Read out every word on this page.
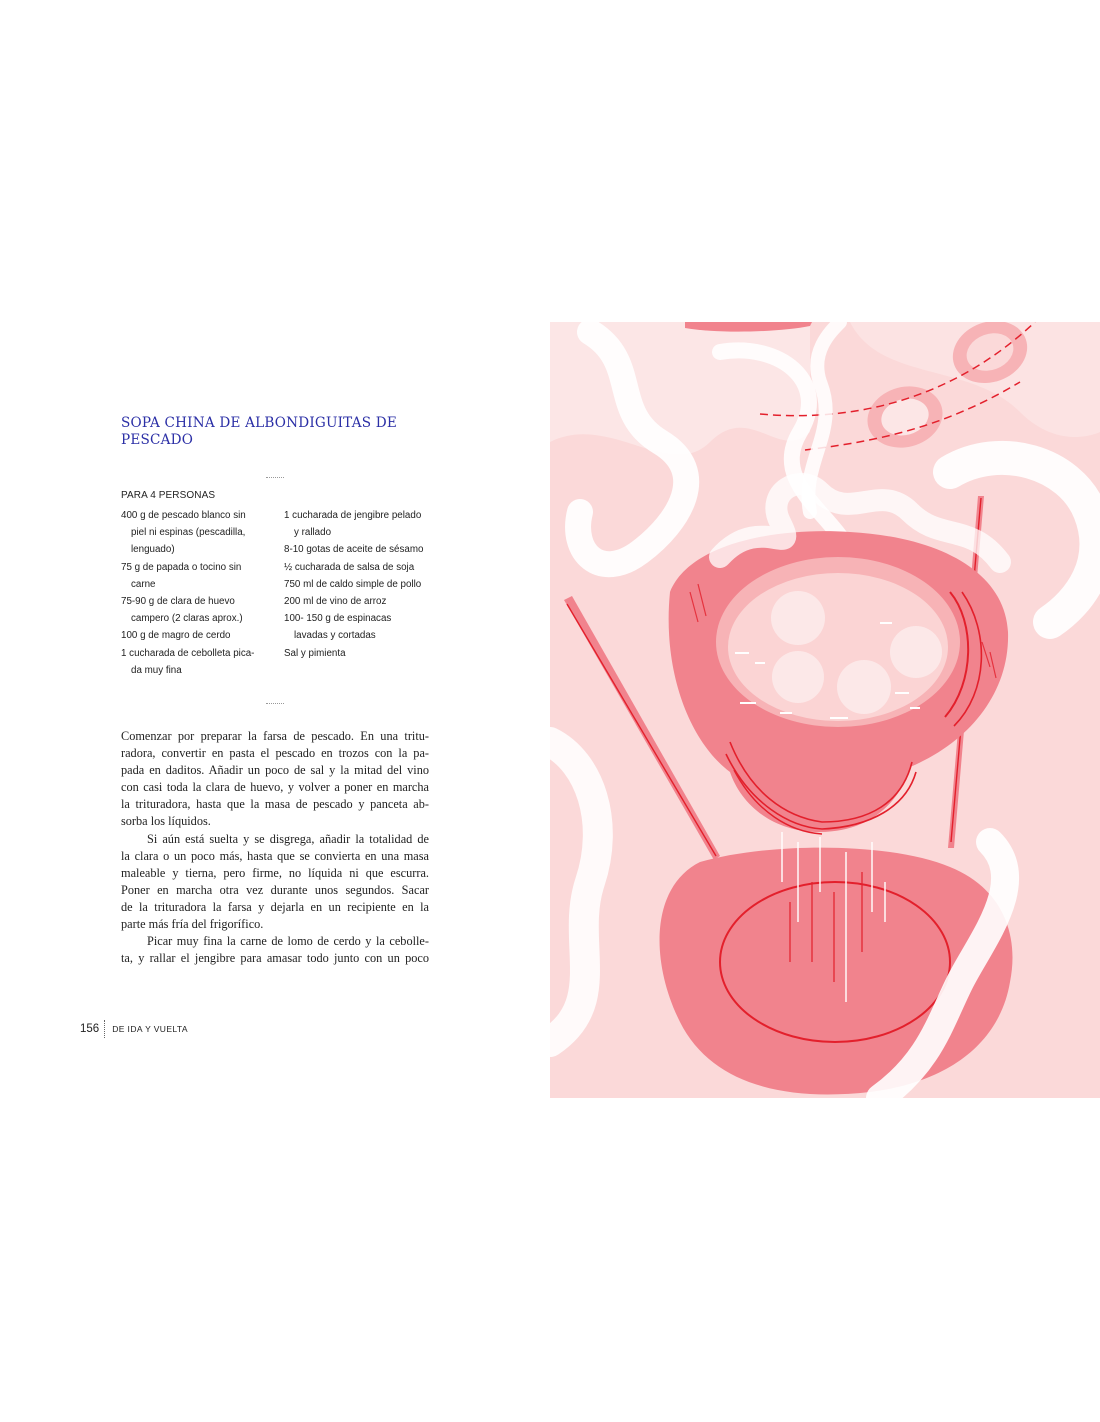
SOPA CHINA DE ALBONDIGUITAS DE
PESCADO
PARA 4 PERSONAS
400 g de pescado blanco sin
piel ni espinas (pescadilla,
lenguado)
75 g de papada o tocino sin
carne
75-90 g de clara de huevo
campero (2 claras aprox.)
100 g de magro de cerdo
1 cucharada de cebolleta pica-
da muy fina
1 cucharada de jengibre pelado
y rallado
8-10 gotas de aceite de sésamo
½ cucharada de salsa de soja
750 ml de caldo simple de pollo
200 ml de vino de arroz
100- 150 g de espinacas
lavadas y cortadas
Sal y pimienta
Comenzar por preparar la farsa de pescado. En una tritu-
radora, convertir en pasta el pescado en trozos con la pa-
pada en daditos. Añadir un poco de sal y la mitad del vino
con casi toda la clara de huevo, y volver a poner en marcha
la trituradora, hasta que la masa de pescado y panceta ab-
sorba los líquidos.
Si aún está suelta y se disgrega, añadir la totalidad de
la clara o un poco más, hasta que se convierta en una masa
maleable y tierna, pero firme, no líquida ni que escurra.
Poner en marcha otra vez durante unos segundos. Sacar
de la trituradora la farsa y dejarla en un recipiente en la
parte más fría del frigorífico.
Picar muy fina la carne de lomo de cerdo y la cebolle-
ta, y rallar el jengibre para amasar todo junto con un poco
156 DE IDA Y VUELTA
